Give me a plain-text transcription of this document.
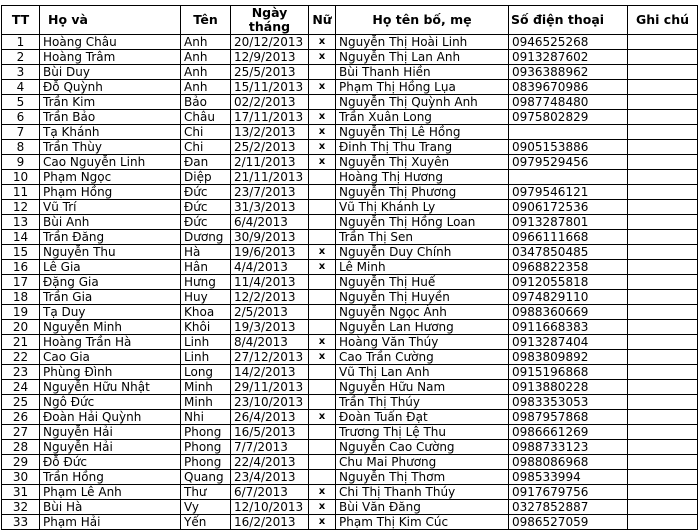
TT	Họ và	Tên	Ngày tháng	Nữ	Họ tên bố, mẹ	Số điện thoại	Ghi chú
1	Hoàng Châu	Anh	20/12/2013	x	Nguyễn Thị Hoài Linh	0946525268	
2	Hoàng Trâm	Anh	12/9/2013	x	Nguyễn Thị Lan Anh	0913287602	
3	Bùi Duy	Anh	25/5/2013		Bùi Thanh Hiền	0936388962	
4	Đỗ Quỳnh	Anh	15/11/2013	x	Phạm Thị Hồng Lụa	0839670986	
5	Trần Kim	Bảo	02/2/2013		Nguyễn Thị Quỳnh Anh	0987748480	
6	Trần Bảo	Châu	17/11/2013	x	Trần Xuân Long	0975802829	
7	Tạ Khánh	Chi	13/2/2013	x	Nguyễn Thị Lê Hồng		
8	Trần Thùy	Chi	25/2/2013	x	Đinh Thị Thu Trang	0905153886	
9	Cao Nguyễn Linh	Đan	2/11/2013	x	Nguyễn Thị Xuyên	0979529456	
10	Phạm Ngọc	Diệp	21/11/2013		Hoàng Thị Hương		
11	Phạm Hồng	Đức	23/7/2013		Nguyễn Thị Phương	0979546121	
12	Vũ Trí	Đức	31/3/2013		Vũ Thị Khánh Ly	0906172536	
13	Bùi Anh	Đức	6/4/2013		Nguyễn Thị Hồng Loan	0913287801	
14	Trần Đăng	Dương	30/9/2013		Trần Thị Sen	0966111668	
15	Nguyễn Thu	Hà	19/6/2013	x	Nguyễn Duy Chính	0347850485	
16	Lê Gia	Hân	4/4/2013	x	Lê Minh	0968822358	
17	Đặng Gia	Hưng	11/4/2013		Nguyễn Thị Huế	0912055818	
18	Trần Gia	Huy	12/2/2013		Nguyễn Thị Huyền	0974829110	
19	Tạ Duy	Khoa	2/5/2013		Nguyễn Ngọc Ánh	0988360669	
20	Nguyễn Minh	Khôi	19/3/2013		Nguyễn Lan Hương	0911668383	
21	Hoàng Trần Hà	Linh	8/4/2013	x	Hoàng Văn Thúy	0913287404	
22	Cao Gia	Linh	27/12/2013	x	Cao Trần Cường	0983809892	
23	Phùng Đình	Long	14/2/2013		Vũ Thị Lan Anh	0915196868	
24	Nguyễn Hữu Nhật	Minh	29/11/2013		Nguyễn Hữu Nam	0913880228	
25	Ngô Đức	Minh	23/10/2013		Trần Thị Thúy	0983353053	
26	Đoàn Hải Quỳnh	Nhi	26/4/2013	x	Đoàn Tuấn Đạt	0987957868	
27	Nguyễn Hải	Phong	16/5/2013		Trương Thị Lệ Thu	0986661269	
28	Nguyễn Hải	Phong	7/7/2013		Nguyễn Cao Cường	0988733123	
29	Đỗ Đức	Phong	22/4/2013		Chu Mai Phương	0988086968	
30	Trần Hồng	Quang	23/4/2013		Nguyễn Thị Thơm	098533994	
31	Phạm Lê Anh	Thư	6/7/2013	x	Chi Thị Thanh Thúy	0917679756	
32	Bùi Hà	Vy	12/10/2013	x	Bùi Văn Đăng	0327852887	
33	Phạm Hải	Yến	16/2/2013	x	Phạm Thị Kim Cúc	0986527059	
